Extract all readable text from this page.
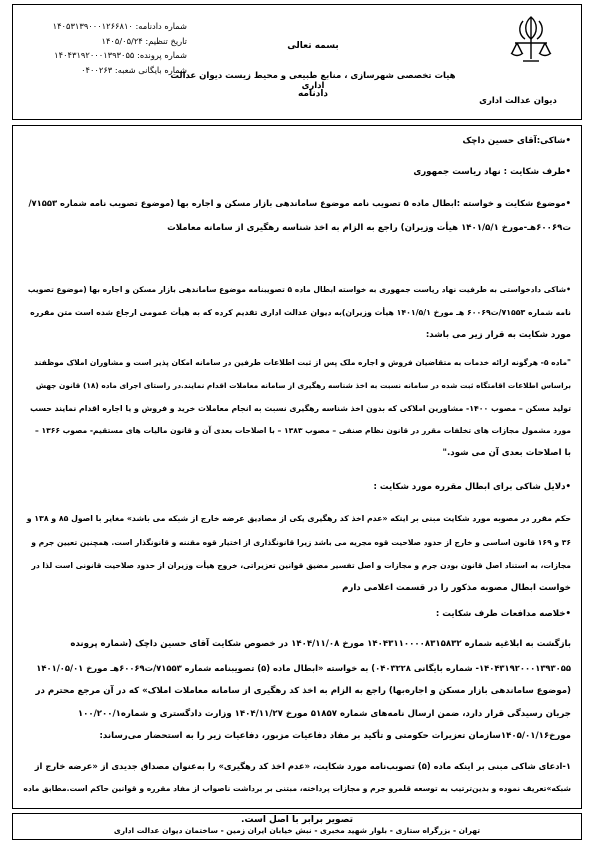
دیوان عدالت اداری
بسمه تعالی
هیات تخصصی شهرسازی ، منابع طبیعی و محیط زیست دیوان عدالت اداری
دادنامه
شماره دادنامه: ۱۴۰۵۳۱۳۹۰۰۰۱۲۶۶۸۱۰
تاریخ تنظیم: ۱۴۰۵/۰۵/۲۴
شماره پرونده: ۱۴۰۴۳۱۹۲۰۰۰۱۳۹۳۰۵۵
شماره بایگانی شعبه: ۰۴۰۰۲۶۳
•شاکی:آقای حسین داچک
•طرف شکایت : نهاد ریاست جمهوری
•موضوع شکایت و خواسته :ابطال ماده ۵ تصویب نامه موضوع ساماندهی بازار مسکن و اجاره بها (موضوع تصویب نامه شماره ۷۱۵۵۳/
ت۶۰۰۶۹هـ-مورخ ۱۴۰۱/۵/۱ هیأت وزیران) راجع به الزام به اخذ شناسه رهگیری از سامانه معاملات
•شاکی دادخواستی به طرفیت نهاد ریاست جمهوری به خواسته ابطال ماده ۵ تصویبنامه موضوع ساماندهی بازار مسکن و اجاره بها (موضوع تصویب
نامه شماره ۷۱۵۵۳/ت۶۰۰۶۹ هـ مورخ ۱۴۰۱/۵/۱ هیأت وزیران)به دیوان عدالت اداری تقدیم کرده که به هیأت عمومی ارجاع شده است متن مقرره
مورد شکایت به قرار زیر می باشد:
"ماده ۵- هرگونه ارائه خدمات به متقاضیان فروش و اجاره ملک پس از ثبت اطلاعات طرفین در سامانه امکان پذیر است و مشاوران املاک موظفند
براساس اطلاعات اقامتگاه ثبت شده در سامانه نسبت به اخذ شناسه رهگیری از سامانه معاملات اقدام نمایند.در راستای اجرای ماده (۱۸) قانون جهش
تولید مسکن – مصوب ۱۴۰۰- مشاورین املاکی که بدون اخذ شناسه رهگیری نسبت به انجام معاملات خرید و فروش و یا اجاره اقدام نمایند حسب
مورد مشمول مجازات های تخلفات مقرر در قانون نظام صنفی – مصوب ۱۳۸۳ – با اصلاحات بعدی آن و قانون مالیات های مستقیم- مصوب ۱۳۶۶ –
با اصلاحات بعدی آن می شود."
•دلایل شاکی برای ابطال مقرره مورد شکایت :
حکم مقرر در مصوبه مورد شکایت مبنی بر اینکه «عدم اخذ کد رهگیری یکی از مصادیق عرضه خارج از شبکه می باشد» مغایر با اصول ۸۵ و ۱۳۸ و
۳۶ و ۱۶۹ قانون اساسی و خارج از حدود صلاحیت قوه مجریه می باشد زیرا قانونگذاری از اختیار قوه مقننه و قانونگذار است. همچنین تعیین جرم و
مجازات، به استناد اصل قانون بودن جرم و مجازات و اصل تفسیر مضیق قوانین تعزیراتی، خروج هیأت وزیران از حدود صلاحیت قانونی است لذا در
خواست ابطال مصوبه مذکور را در قسمت اعلامی دارم
•خلاصه مدافعات طرف شکایت :
بازگشت به ابلاغیه شماره ۱۴۰۴۳۱۱۰۰۰۰۸۳۱۵۸۳۲ مورخ ۱۴۰۴/۱۱/۰۸ در خصوص شکایت آقای حسین داچک (شماره پرونده
۱۴۰۴۳۱۹۲۰۰۰۱۳۹۳۰۵۵- شماره بایگانی ۰۴۰۳۲۲۸) به خواسته «ابطال ماده (۵) تصویبنامه شماره ۷۱۵۵۳/ت۶۰۰۶۹هـ مورخ ۱۴۰۱/۰۵/۰۱
(موضوع ساماندهی بازار مسکن و اجاره‌بها) راجع به الزام به اخذ کد رهگیری از سامانه معاملات املاک» که در آن مرجع محترم در
جریان رسیدگی قرار دارد، ضمن ارسال نامه‌های شماره ۵۱۸۵۷ مورخ ۱۴۰۴/۱۱/۲۷ وزارت دادگستری و شماره۱۰۰/۲۰۰/۱
مورخ۱۴۰۵/۰۱/۱۶سازمان تعزیرات حکومتی و تأکید بر مفاد دفاعیات مزبور، دفاعیات زیر را به استحضار می‌رساند:
۱-ادعای شاکی مبنی بر اینکه ماده (۵) تصویب‌نامه مورد شکایت، «عدم اخذ کد رهگیری» را به‌عنوان مصداق جدیدی از «عرضه خارج از
شبکه»تعریف نموده و بدین‌ترتیب به توسعه قلمرو جرم و مجازات پرداخته، مبتنی بر برداشت ناصواب از مفاد مقرره و قوانین حاکم است.مطابق ماده
تصویر برابر با اصل است.
تهران - بزرگراه ستاری - بلوار شهید مخبری - نبش خیابان ایران زمین - ساختمان دیوان عدالت اداری
